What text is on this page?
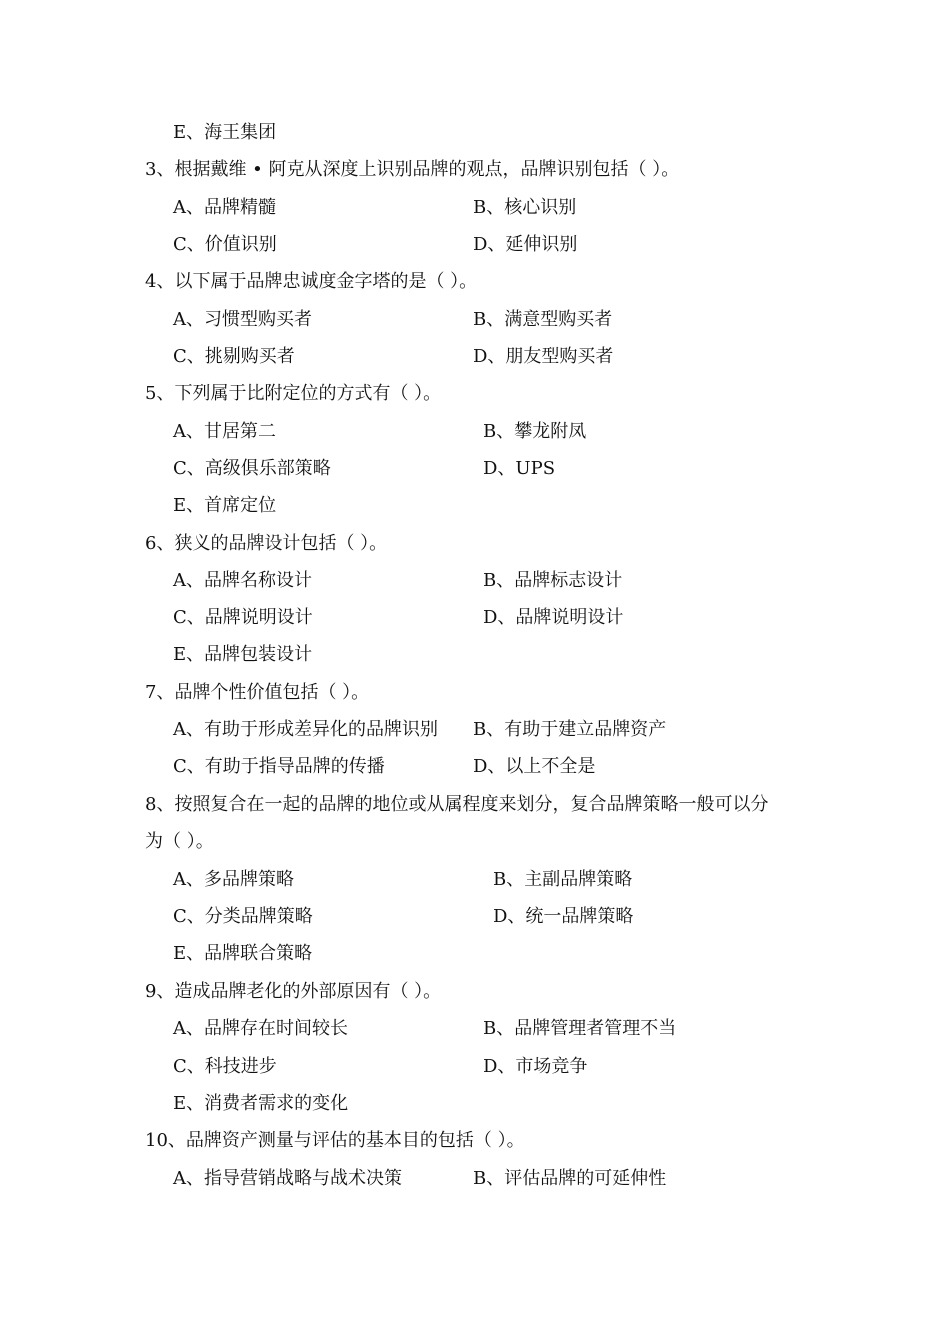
E、海王集团
3、根据戴维 • 阿克从深度上识别品牌的观点，品牌识别包括（ ）。
A、品牌精髓	B、核心识别
C、价值识别	D、延伸识别
4、以下属于品牌忠诚度金字塔的是（ ）。
A、习惯型购买者	B、满意型购买者
C、挑剔购买者	D、朋友型购买者
5、下列属于比附定位的方式有（ ）。
A、甘居第二	B、攀龙附凤
C、高级俱乐部策略	D、UPS
E、首席定位
6、狭义的品牌设计包括（ ）。
A、品牌名称设计	B、品牌标志设计
C、品牌说明设计	D、品牌说明设计
E、品牌包装设计
7、品牌个性价值包括（ ）。
A、有助于形成差异化的品牌识别 B、有助于建立品牌资产
C、有助于指导品牌的传播	D、以上不全是
8、按照复合在一起的品牌的地位或从属程度来划分，复合品牌策略一般可以分
为（ ）。
A、多品牌策略	B、主副品牌策略
C、分类品牌策略	D、统一品牌策略
E、品牌联合策略
9、造成品牌老化的外部原因有（ ）。
A、品牌存在时间较长	B、品牌管理者管理不当
C、科技进步	D、市场竞争
E、消费者需求的变化
10、品牌资产测量与评估的基本目的包括（ ）。
A、指导营销战略与战术决策	B、评估品牌的可延伸性
